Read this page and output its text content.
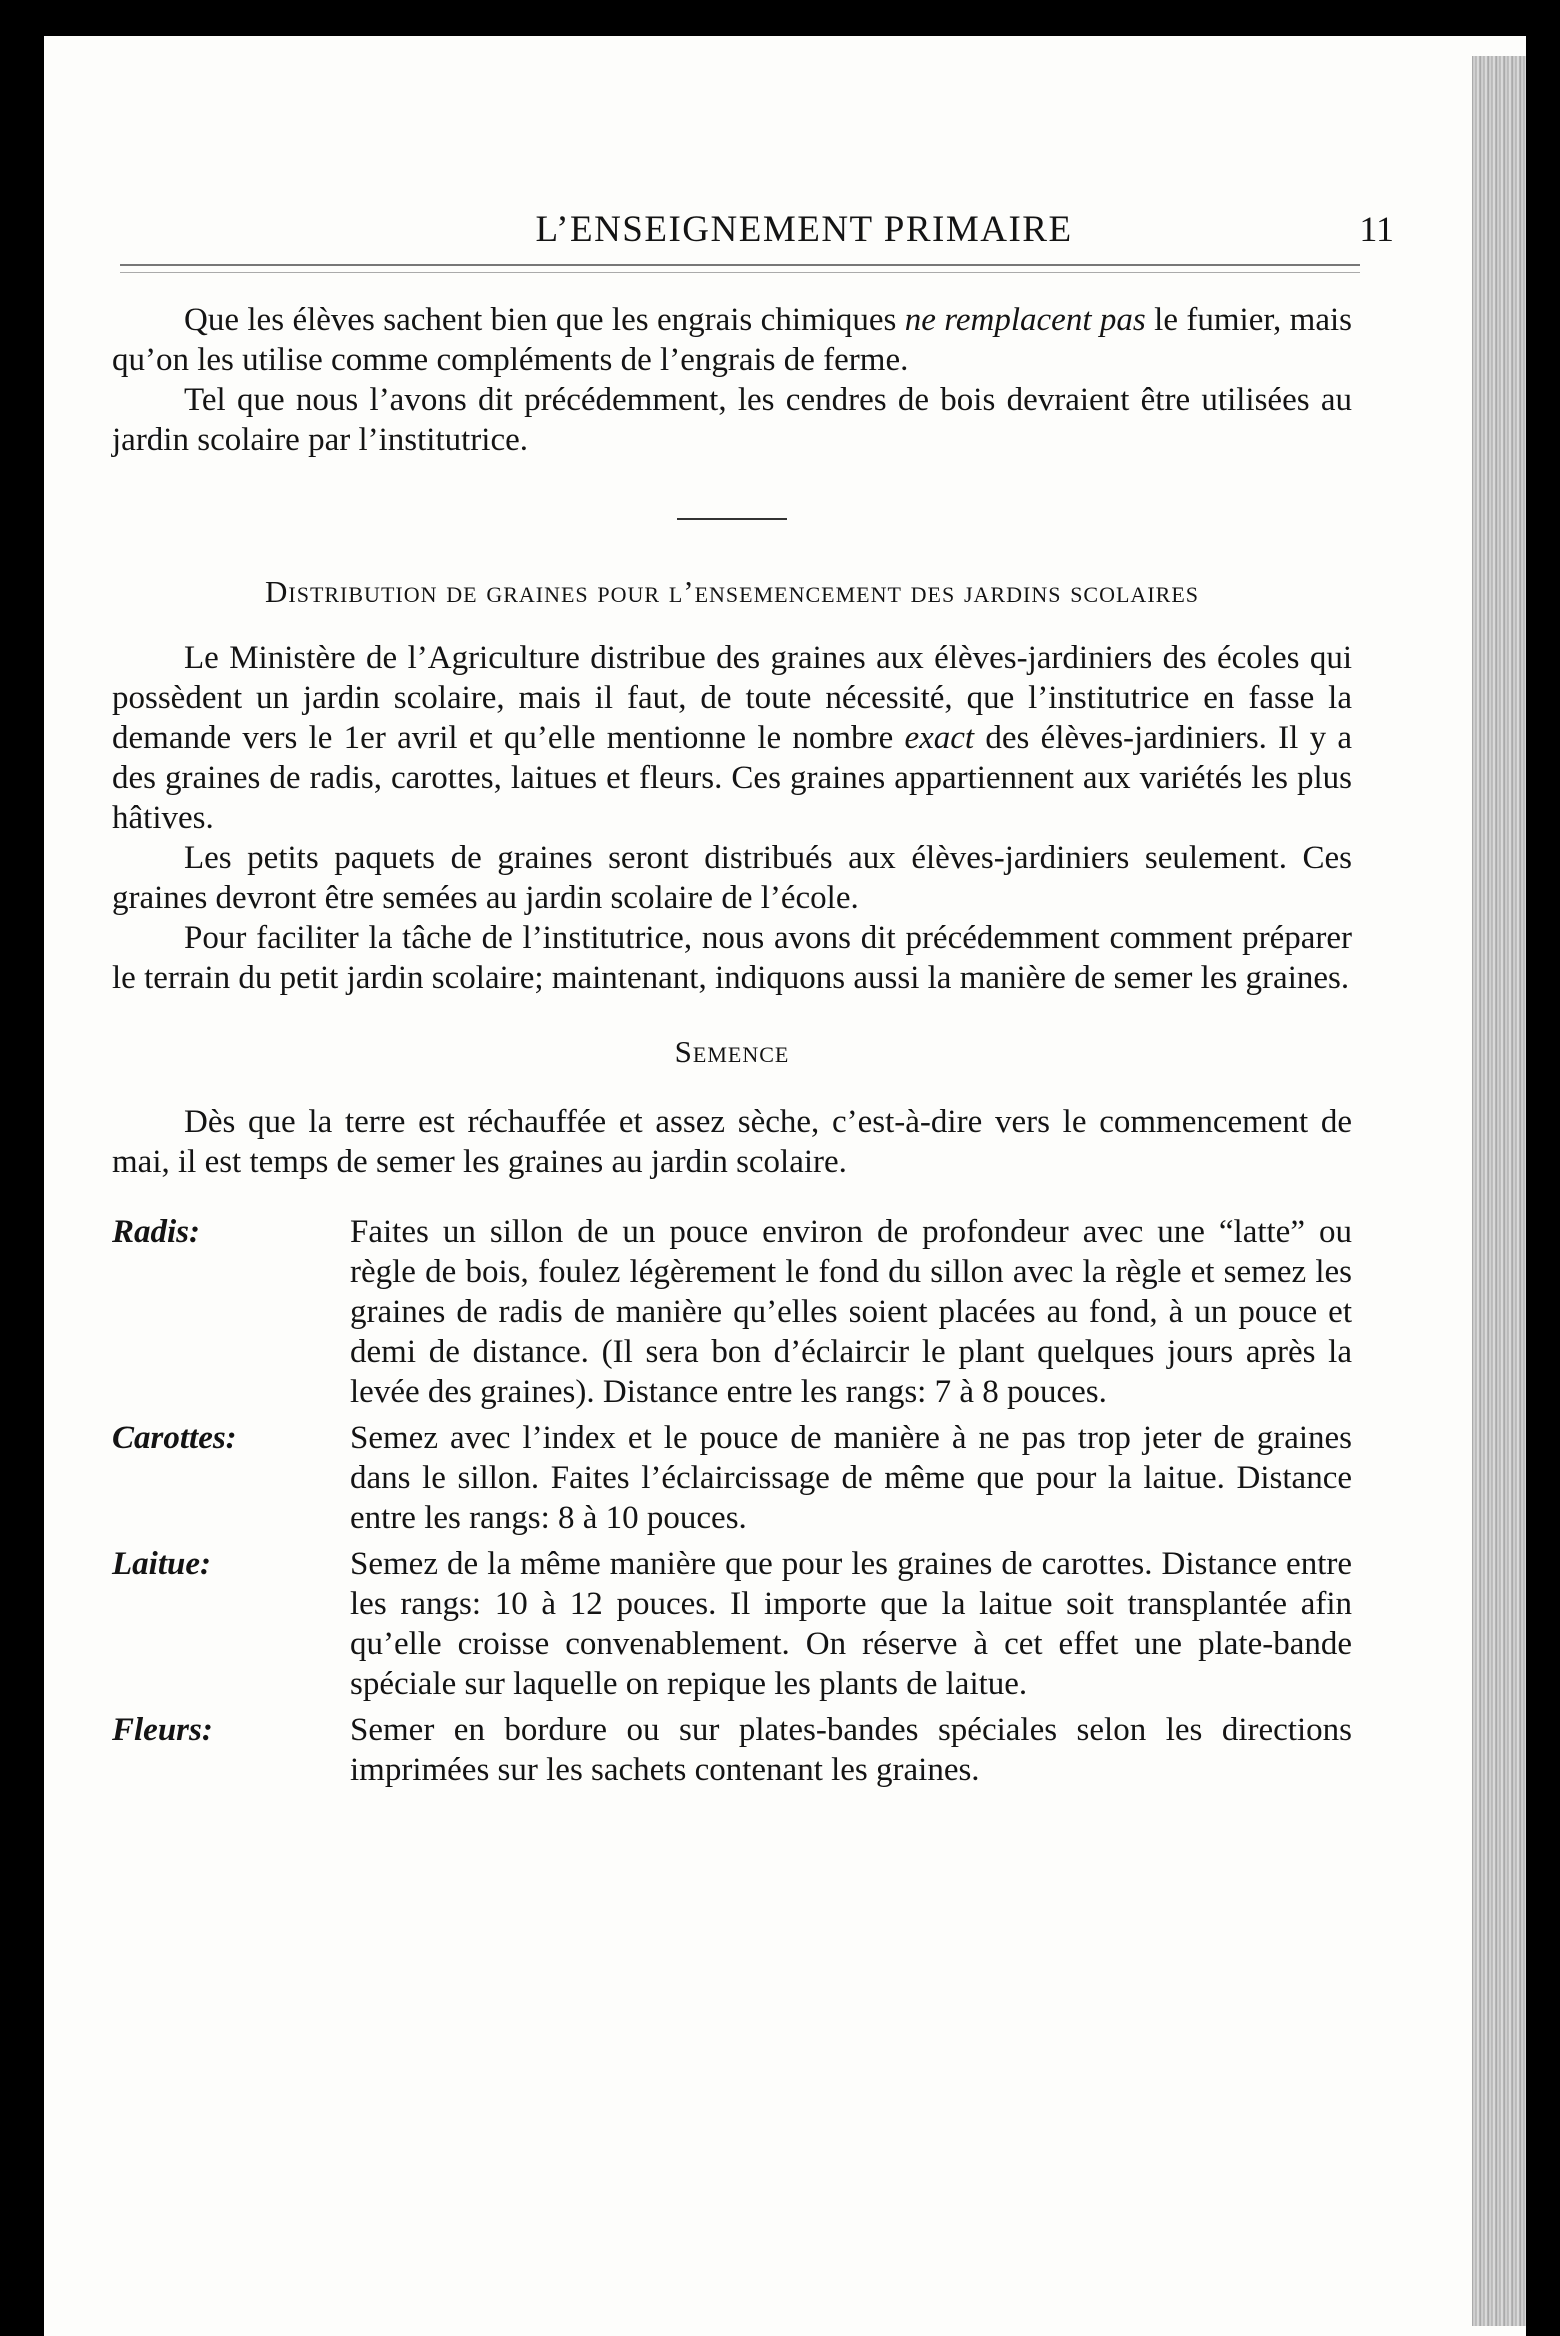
L’ENSEIGNEMENT PRIMAIRE	11

Que les élèves sachent bien que les engrais chimiques ne remplacent pas le fumier, mais qu’on les utilise comme compléments de l’engrais de ferme.

Tel que nous l’avons dit précédemment, les cendres de bois devraient être utilisées au jardin scolaire par l’institutrice.

Distribution de graines pour l’ensemencement des jardins scolaires

Le Ministère de l’Agriculture distribue des graines aux élèves-jardiniers des écoles qui possèdent un jardin scolaire, mais il faut, de toute nécessité, que l’institutrice en fasse la demande vers le 1er avril et qu’elle mentionne le nombre exact des élèves-jardiniers. Il y a des graines de radis, carottes, laitues et fleurs. Ces graines appartiennent aux variétés les plus hâtives.

Les petits paquets de graines seront distribués aux élèves-jardiniers seulement. Ces graines devront être semées au jardin scolaire de l’école.

Pour faciliter la tâche de l’institutrice, nous avons dit précédemment comment préparer le terrain du petit jardin scolaire; maintenant, indiquons aussi la manière de semer les graines.

Semence

Dès que la terre est réchauffée et assez sèche, c’est-à-dire vers le commencement de mai, il est temps de semer les graines au jardin scolaire.

Radis:	Faites un sillon de un pouce environ de profondeur avec une “latte” ou règle de bois, foulez légèrement le fond du sillon avec la règle et semez les graines de radis de manière qu’elles soient placées au fond, à un pouce et demi de distance. (Il sera bon d’éclaircir le plant quelques jours après la levée des graines). Distance entre les rangs: 7 à 8 pouces.
Carottes:	Semez avec l’index et le pouce de manière à ne pas trop jeter de graines dans le sillon. Faites l’éclaircissage de même que pour la laitue. Distance entre les rangs: 8 à 10 pouces.
Laitue:	Semez de la même manière que pour les graines de carottes. Distance entre les rangs: 10 à 12 pouces. Il importe que la laitue soit transplantée afin qu’elle croisse convenablement. On réserve à cet effet une plate-bande spéciale sur laquelle on repique les plants de laitue.
Fleurs:	Semer en bordure ou sur plates-bandes spéciales selon les directions imprimées sur les sachets contenant les graines.
